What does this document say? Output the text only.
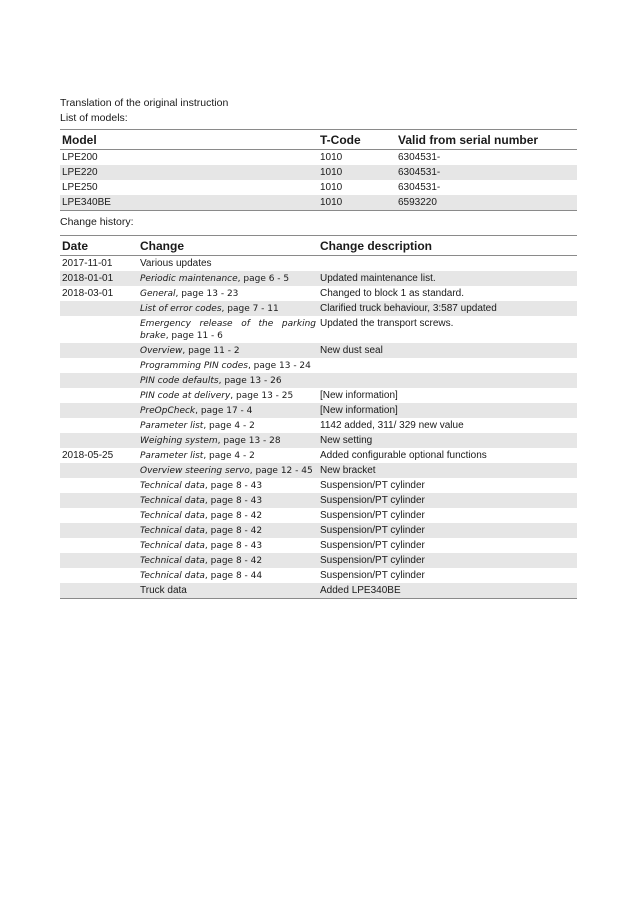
Translation of the original instruction

List of models:

Model	T-Code	Valid from serial number
LPE200	1010	6304531-
LPE220	1010	6304531-
LPE250	1010	6304531-
LPE340BE	1010	6593220

Change history:

Date	Change	Change description
2017-11-01	Various updates	
2018-01-01	Periodic maintenance, page 6 - 5	Updated maintenance list.
2018-03-01	General, page 13 - 23	Changed to block 1 as standard.
	List of error codes, page 7 - 11	Clarified truck behaviour, 3:587 updated
	Emergency release of the parking brake, page 11 - 6	Updated the transport screws.
	Overview, page 11 - 2	New dust seal
	Programming PIN codes, page 13 - 24	
	PIN code defaults, page 13 - 26	
	PIN code at delivery, page 13 - 25	[New information]
	PreOpCheck, page 17 - 4	[New information]
	Parameter list, page 4 - 2	1142 added, 311/ 329 new value
	Weighing system, page 13 - 28	New setting
2018-05-25	Parameter list, page 4 - 2	Added configurable optional functions
	Overview steering servo, page 12 - 45	New bracket
	Technical data, page 8 - 43	Suspension/PT cylinder
	Technical data, page 8 - 43	Suspension/PT cylinder
	Technical data, page 8 - 42	Suspension/PT cylinder
	Technical data, page 8 - 42	Suspension/PT cylinder
	Technical data, page 8 - 43	Suspension/PT cylinder
	Technical data, page 8 - 42	Suspension/PT cylinder
	Technical data, page 8 - 44	Suspension/PT cylinder
	Truck data	Added LPE340BE
